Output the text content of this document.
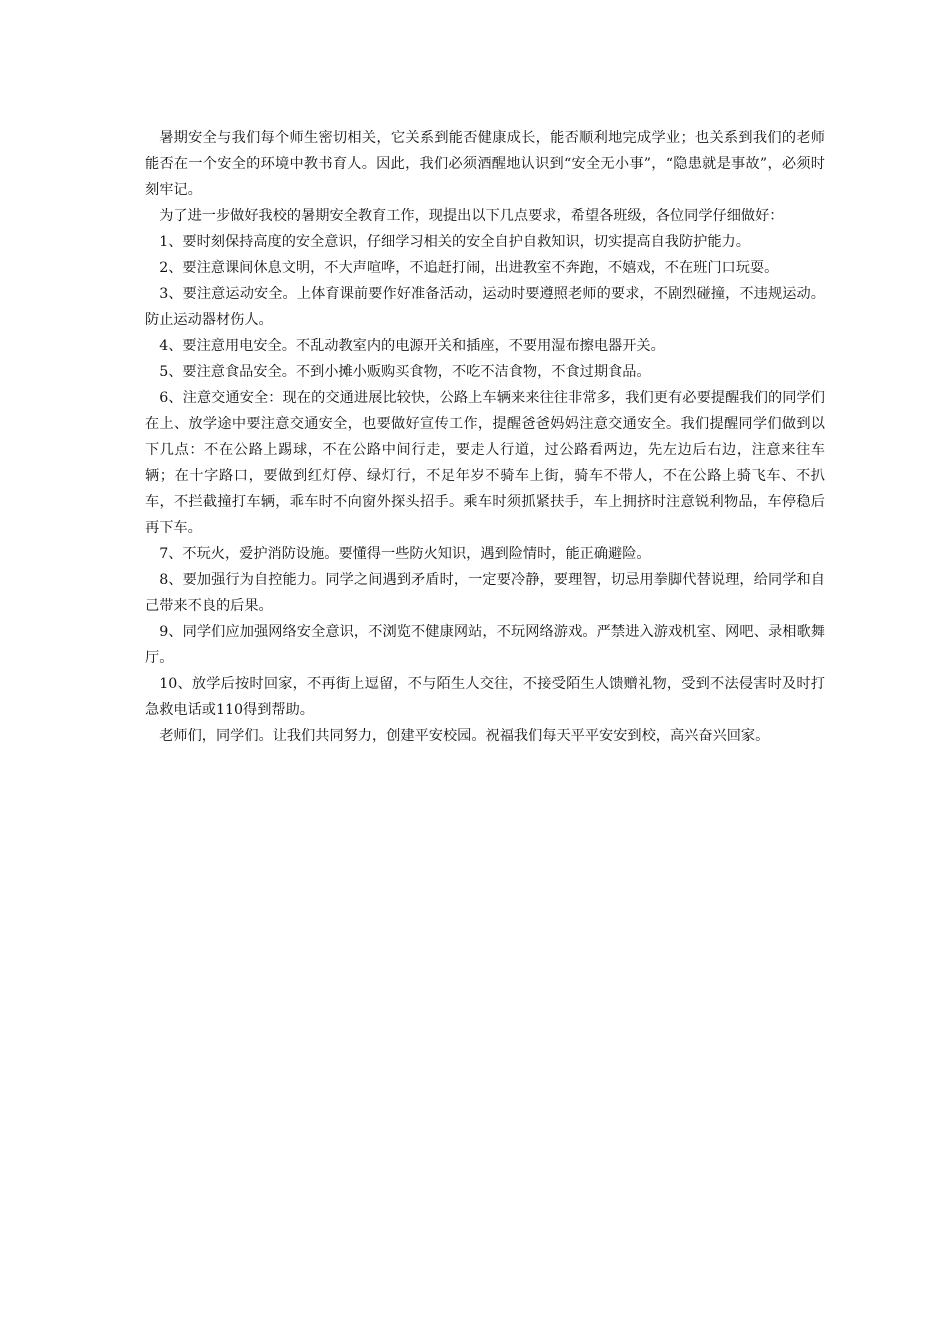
暑期安全与我们每个师生密切相关，它关系到能否健康成长，能否顺利地完成学业；也关系到我们的老师能否在一个安全的环境中教书育人。因此，我们必须酒醒地认识到“安全无小事”，“隐患就是事故”，必须时刻牢记。

为了进一步做好我校的暑期安全教育工作，现提出以下几点要求，希望各班级，各位同学仔细做好：

1、要时刻保持高度的安全意识，仔细学习相关的安全自护自救知识，切实提高自我防护能力。

2、要注意课间休息文明，不大声喧哗，不追赶打闹，出进教室不奔跑，不嬉戏，不在班门口玩耍。

3、要注意运动安全。上体育课前要作好准备活动，运动时要遵照老师的要求，不剧烈碰撞，不违规运动。防止运动器材伤人。

4、要注意用电安全。不乱动教室内的电源开关和插座，不要用湿布擦电器开关。

5、要注意食品安全。不到小摊小贩购买食物，不吃不洁食物，不食过期食品。

6、注意交通安全：现在的交通进展比较快，公路上车辆来来往往非常多，我们更有必要提醒我们的同学们在上、放学途中要注意交通安全，也要做好宣传工作，提醒爸爸妈妈注意交通安全。我们提醒同学们做到以下几点：不在公路上踢球，不在公路中间行走，要走人行道，过公路看两边，先左边后右边，注意来往车辆；在十字路口，要做到红灯停、绿灯行，不足年岁不骑车上街，骑车不带人，不在公路上骑飞车、不扒车，不拦截撞打车辆，乖车时不向窗外探头招手。乘车时须抓紧扶手，车上拥挤时注意锐利物品，车停稳后再下车。

7、不玩火，爱护消防设施。要懂得一些防火知识，遇到险情时，能正确避险。

8、要加强行为自控能力。同学之间遇到矛盾时，一定要冷静，要理智，切忌用拳脚代替说理，给同学和自己带来不良的后果。

9、同学们应加强网络安全意识，不浏览不健康网站，不玩网络游戏。严禁进入游戏机室、网吧、录相歌舞厅。

10、放学后按时回家，不再街上逗留，不与陌生人交往，不接受陌生人馈赠礼物，受到不法侵害时及时打急救电话或110得到帮助。

老师们，同学们。让我们共同努力，创建平安校园。祝福我们每天平平安安到校，高兴奋兴回家。
